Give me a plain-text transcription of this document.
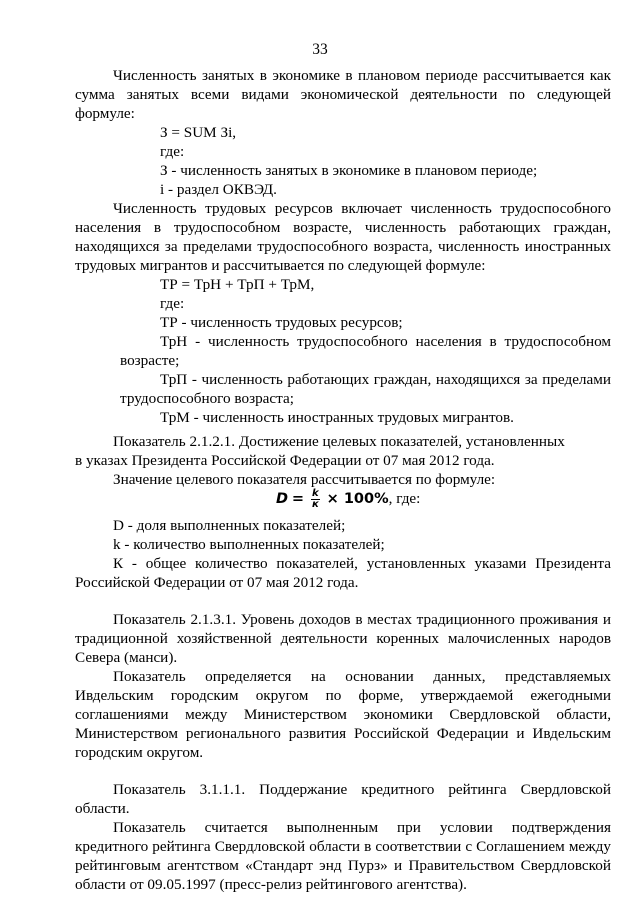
33
Численность занятых в экономике в плановом периоде рассчитывается как
сумма занятых всеми видами экономической деятельности по следующей
формуле:
З = SUM Зi,
где:
З - численность занятых в экономике в плановом периоде;
i - раздел ОКВЭД.
Численность трудовых ресурсов включает численность трудоспособного
населения в трудоспособном возрасте, численность работающих граждан,
находящихся за пределами трудоспособного возраста, численность иностранных
трудовых мигрантов и рассчитывается по следующей формуле:
ТР = ТрН + ТрП + ТрМ,
где:
ТР - численность трудовых ресурсов;
ТрН - численность трудоспособного населения в трудоспособном
возрасте;
ТрП - численность работающих граждан, находящихся за пределами
трудоспособного возраста;
ТрМ - численность иностранных трудовых мигрантов.
Показатель 2.1.2.1. Достижение целевых показателей, установленных
в указах Президента Российской Федерации от 07 мая 2012 года.
Значение целевого показателя рассчитывается по формуле:
$D = \frac{k}{к} \times 100\%$, где:
D - доля выполненных показателей;
k - количество выполненных показателей;
К - общее количество показателей, установленных указами Президента
Российской Федерации от 07 мая 2012 года.
Показатель 2.1.3.1. Уровень доходов в местах традиционного проживания и
традиционной хозяйственной деятельности коренных малочисленных народов
Севера (манси).
Показатель определяется на основании данных, представляемых
Ивдельским городским округом по форме, утверждаемой ежегодными
соглашениями между Министерством экономики Свердловской области,
Министерством регионального развития Российской Федерации и Ивдельским
городским округом.
Показатель 3.1.1.1. Поддержание кредитного рейтинга Свердловской
области.
Показатель считается выполненным при условии подтверждения
кредитного рейтинга Свердловской области в соответствии с Соглашением между
рейтинговым агентством «Стандарт энд Пурз» и Правительством Свердловской
области от 09.05.1997 (пресс-релиз рейтингового агентства).
